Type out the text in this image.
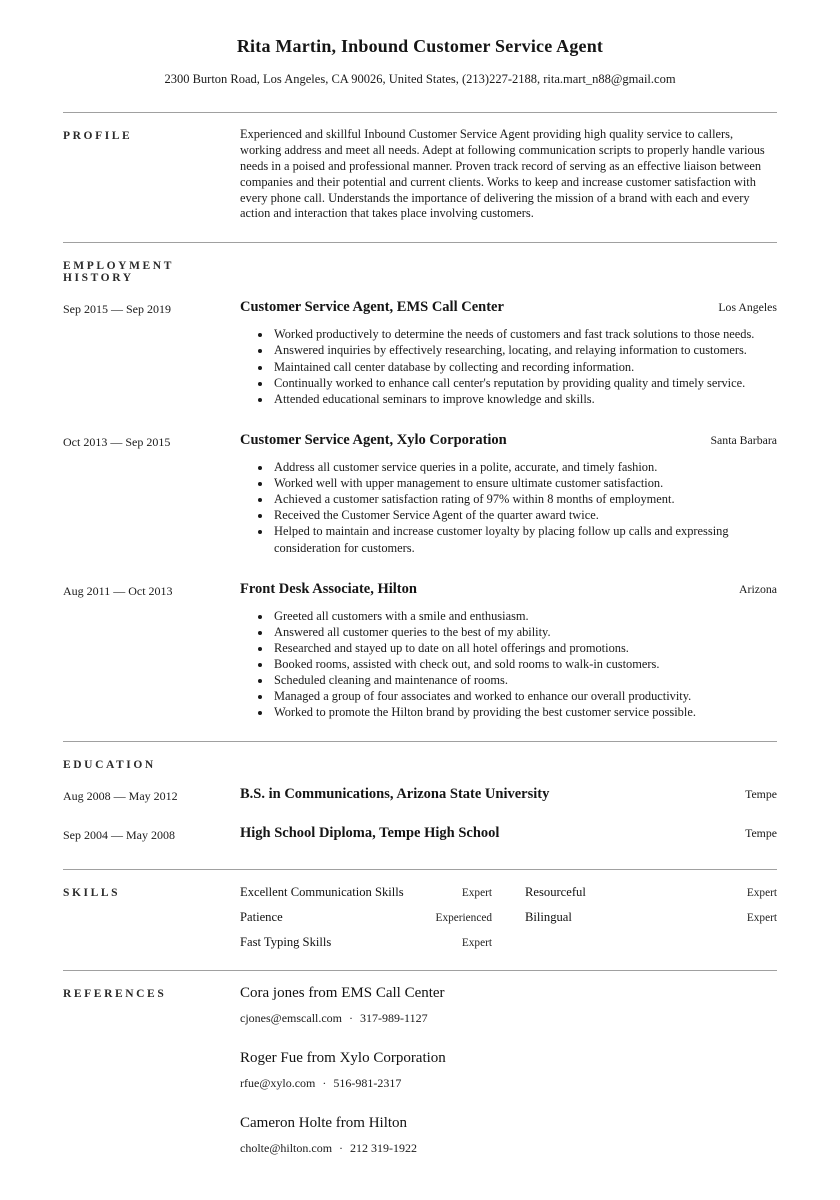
Rita Martin, Inbound Customer Service Agent

2300 Burton Road, Los Angeles, CA 90026, United States, (213)227-2188, rita.mart_n88@gmail.com

PROFILE	Experienced and skillful Inbound Customer Service Agent providing high quality service to callers, working address and meet all needs. Adept at following communication scripts to properly handle various needs in a poised and professional manner. Proven track record of serving as an effective liaison between companies and their potential and current clients. Works to keep and increase customer satisfaction with every phone call. Understands the importance of delivering the mission of a brand with each and every action and interaction that takes place involving customers.

EMPLOYMENT HISTORY
Sep 2015 — Sep 2019	Customer Service Agent, EMS Call Center	Los Angeles
• Worked productively to determine the needs of customers and fast track solutions to those needs.
• Answered inquiries by effectively researching, locating, and relaying information to customers.
• Maintained call center database by collecting and recording information.
• Continually worked to enhance call center's reputation by providing quality and timely service.
• Attended educational seminars to improve knowledge and skills.
Oct 2013 — Sep 2015	Customer Service Agent, Xylo Corporation	Santa Barbara
• Address all customer service queries in a polite, accurate, and timely fashion.
• Worked well with upper management to ensure ultimate customer satisfaction.
• Achieved a customer satisfaction rating of 97% within 8 months of employment.
• Received the Customer Service Agent of the quarter award twice.
• Helped to maintain and increase customer loyalty by placing follow up calls and expressing consideration for customers.
Aug 2011 — Oct 2013	Front Desk Associate, Hilton	Arizona
• Greeted all customers with a smile and enthusiasm.
• Answered all customer queries to the best of my ability.
• Researched and stayed up to date on all hotel offerings and promotions.
• Booked rooms, assisted with check out, and sold rooms to walk-in customers.
• Scheduled cleaning and maintenance of rooms.
• Managed a group of four associates and worked to enhance our overall productivity.
• Worked to promote the Hilton brand by providing the best customer service possible.
EDUCATION
Aug 2008 — May 2012	B.S. in Communications, Arizona State University	Tempe
Sep 2004 — May 2008	High School Diploma, Tempe High School	Tempe
SKILLS	Excellent Communication Skills	Expert	Resourceful	Expert
Patience	Experienced	Bilingual	Expert
Fast Typing Skills	Expert
REFERENCES	Cora jones from EMS Call Center
cjones@emscall.com · 317-989-1127
Roger Fue from Xylo Corporation
rfue@xylo.com · 516-981-2317
Cameron Holte from Hilton
cholte@hilton.com · 212 319-1922
